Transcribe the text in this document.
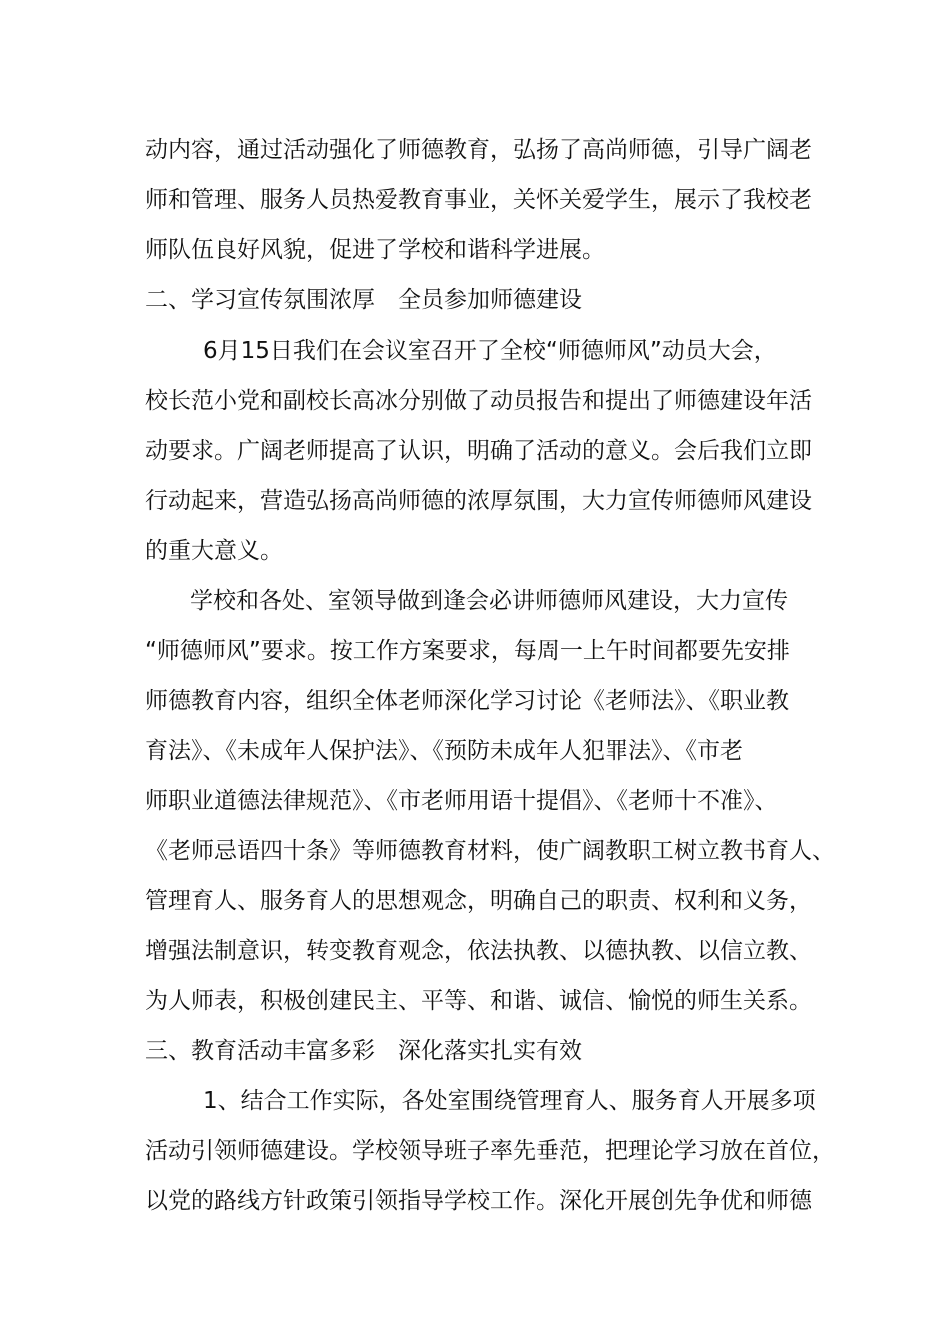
动内容，通过活动强化了师德教育，弘扬了高尚师德，引导广阔老

师和管理、服务人员热爱教育事业，关怀关爱学生，展示了我校老

师队伍良好风貌，促进了学校和谐科学进展。

二、学习宣传氛围浓厚　全员参加师德建设

6月15日我们在会议室召开了全校“师德师风”动员大会，

校长范小党和副校长高冰分别做了动员报告和提出了师德建设年活

动要求。广阔老师提高了认识，明确了活动的意义。会后我们立即

行动起来，营造弘扬高尚师德的浓厚氛围，大力宣传师德师风建设

的重大意义。

学校和各处、室领导做到逢会必讲师德师风建设，大力宣传

“师德师风”要求。按工作方案要求，每周一上午时间都要先安排

师德教育内容，组织全体老师深化学习讨论《老师法》、《职业教

育法》、《未成年人保护法》、《预防未成年人犯罪法》、《市老

师职业道德法律规范》、《市老师用语十提倡》、《老师十不准》、

《老师忌语四十条》等师德教育材料，使广阔教职工树立教书育人、

管理育人、服务育人的思想观念，明确自己的职责、权利和义务，

增强法制意识，转变教育观念，依法执教、以德执教、以信立教、

为人师表，积极创建民主、平等、和谐、诚信、愉悦的师生关系。

三、教育活动丰富多彩　深化落实扎实有效

1、结合工作实际，各处室围绕管理育人、服务育人开展多项

活动引领师德建设。学校领导班子率先垂范，把理论学习放在首位，

以党的路线方针政策引领指导学校工作。深化开展创先争优和师德
